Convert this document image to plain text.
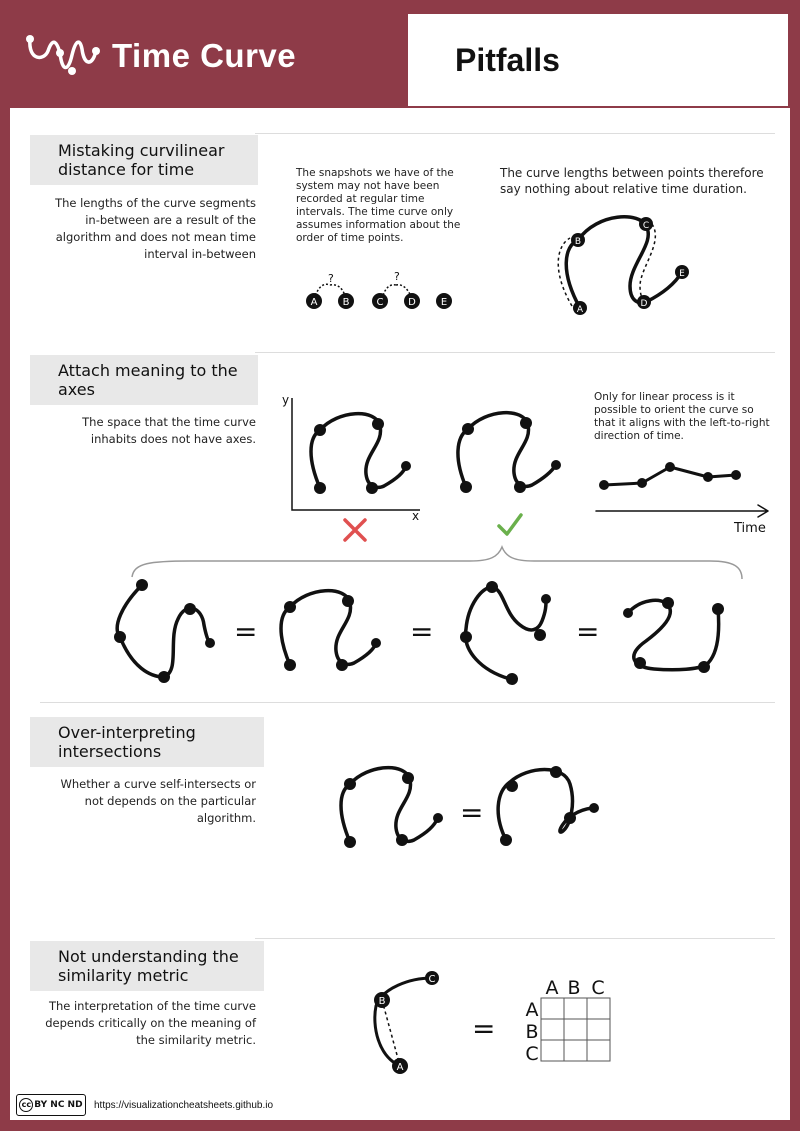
Time Curve	Pitfalls
Mistaking curvilinear distance for time
The lengths of the curve segments in-between are a result of the algorithm and does not mean time interval in-between
The snapshots we have of the system may not have been recorded at regular time intervals. The time curve only assumes information about the order of time points.
The curve lengths between points therefore say nothing about relative time duration.
?	?
A	B	C D E
A
B
C
D
E
Attach meaning to the axes
The space that the time curve inhabits does not have axes.
Only for linear process is it possible to orient the curve so that it aligns with the left-to-right direction of time.
y
x
Time
=	=	=
Over-interpreting intersections
Whether a curve self-intersects or not depends on the particular algorithm.	=
Not understanding the similarity metric
The interpretation of the time curve depends critically on the meaning of the similarity metric.
A
B
C
=
A B C
A
B
C
cc BY NC ND https://visualizationcheatsheets.github.io
